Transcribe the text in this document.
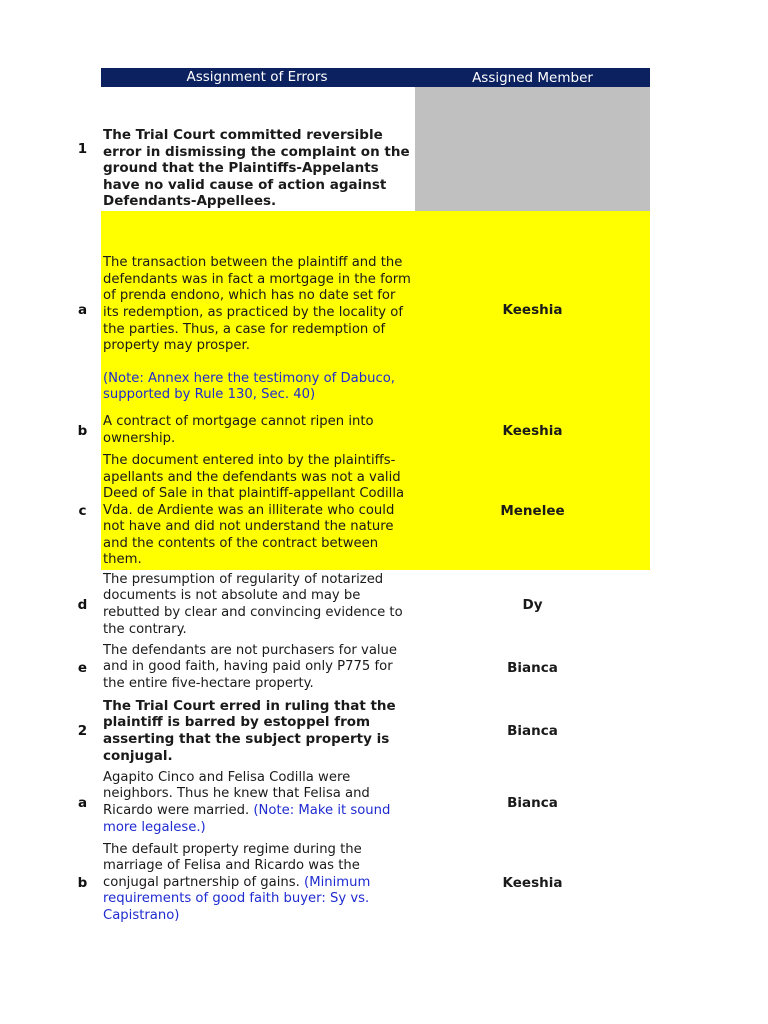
Assignment of Errors	Assigned Member
1
The Trial Court committed reversible error in dismissing the complaint on the ground that the Plaintiffs-Appelants have no valid cause of action against Defendants-Appellees.
a

The transaction between the plaintiff and the defendants was in fact a mortgage in the form of prenda endono, which has no date set for its redemption, as practiced by the locality of the parties. Thus, a case for redemption of property may prosper.

(Note: Annex here the testimony of Dabuco, supported by Rule 130, Sec. 40)

Keeshia
b
A contract of mortgage cannot ripen into ownership.	Keeshia
c
The document entered into by the plaintiffs-apellants and the defendants was not a valid Deed of Sale in that plaintiff-appellant Codilla Vda. de Ardiente was an illiterate who could not have and did not understand the nature and the contents of the contract between them.
Menelee
d
The presumption of regularity of notarized documents is not absolute and may be rebutted by clear and convincing evidence to the contrary.
Dy
e
The defendants are not purchasers for value and in good faith, having paid only P775 for the entire five-hectare property.
Bianca
2
The Trial Court erred in ruling that the plaintiff is barred by estoppel from asserting that the subject property is conjugal.
Bianca
a

Agapito Cinco and Felisa Codilla were neighbors. Thus he knew that Felisa and Ricardo were married. (Note: Make it sound more legalese.)

Bianca
b

The default property regime during the marriage of Felisa and Ricardo was the conjugal partnership of gains. (Minimum requirements of good faith buyer: Sy vs. Capistrano)

Keeshia
